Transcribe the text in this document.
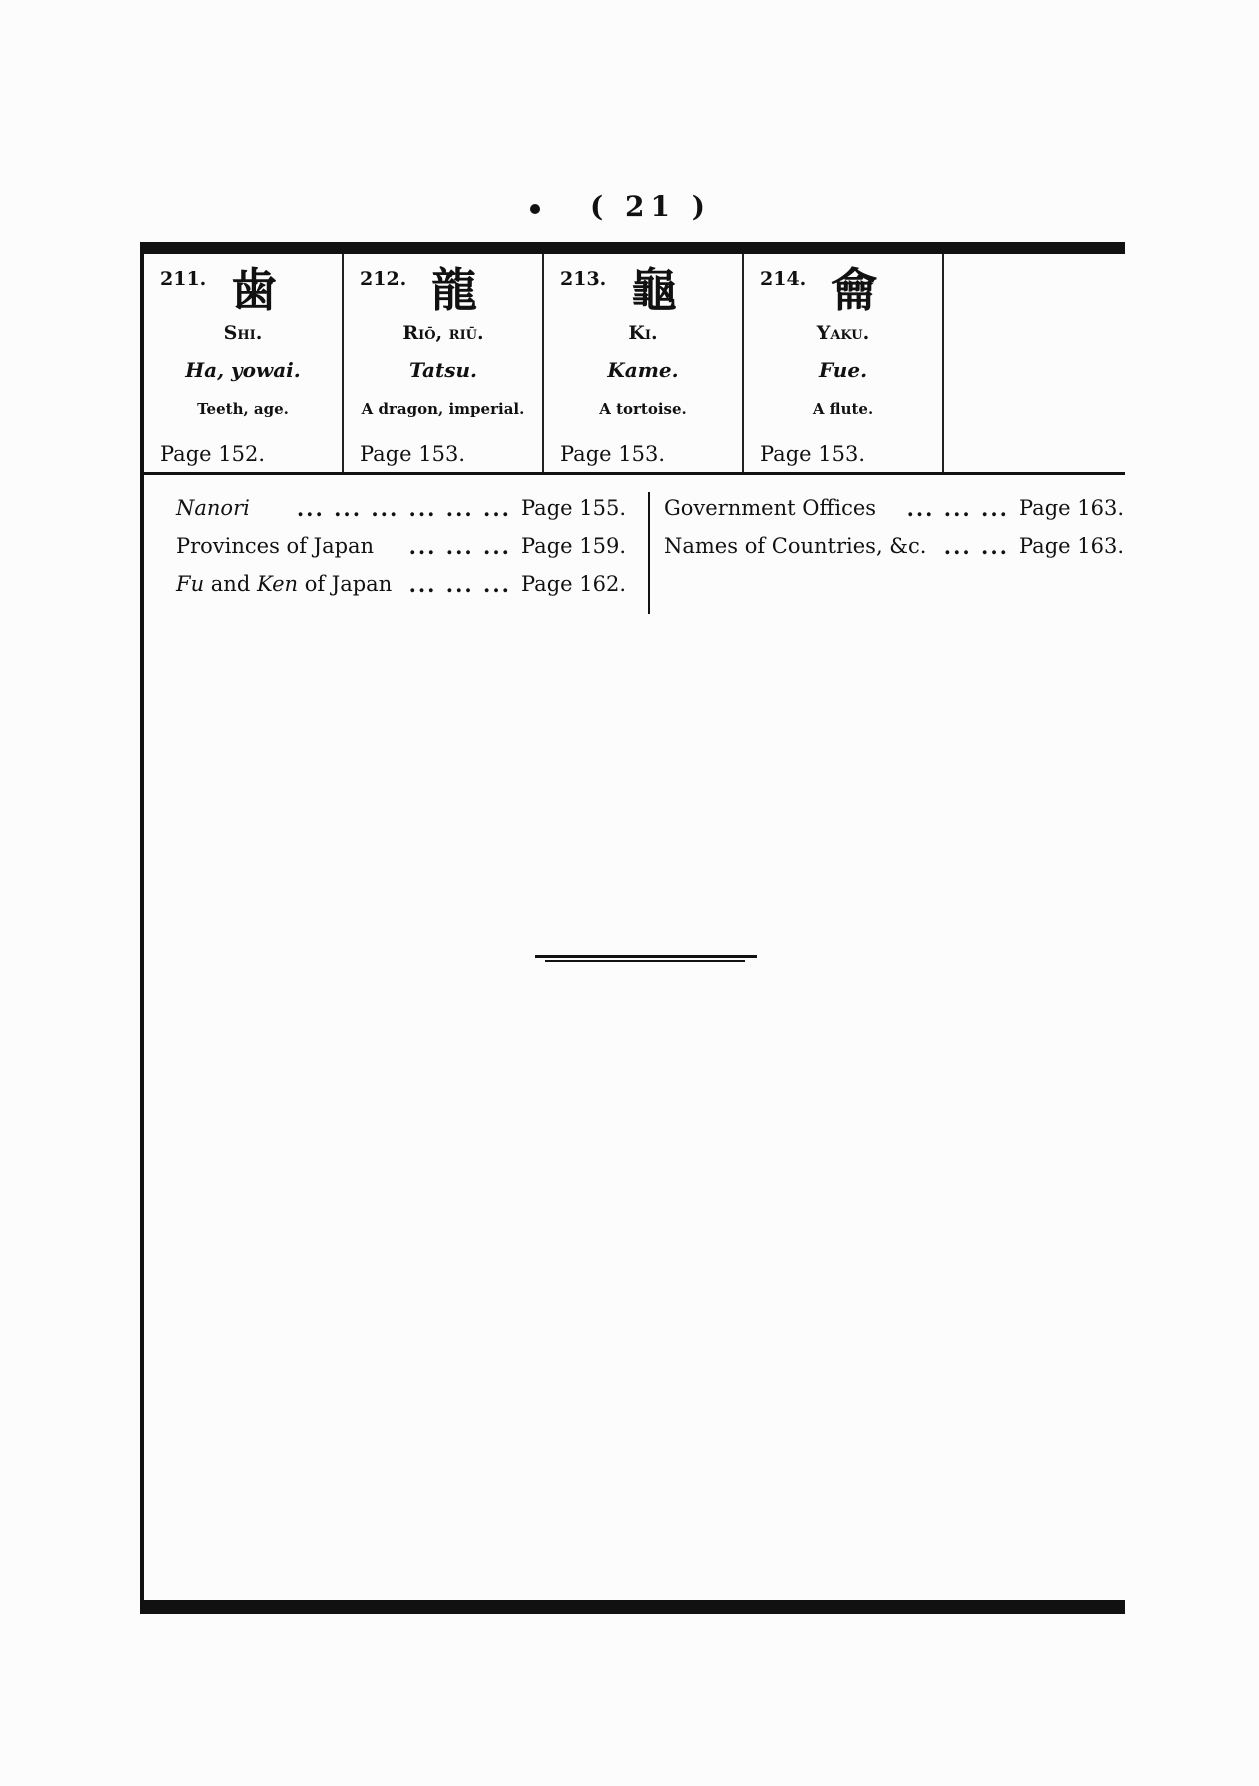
( 21 )
211. 歯
Shi.
Ha, yowai.
Teeth, age.
Page 152.
212. 龍
Riō, riū.
Tatsu.
A dragon, imperial.
Page 153.
213. 龜
Ki.
Kame.
A tortoise.
Page 153.
214. 龠
Yaku.
Fue.
A flute.
Page 153.
Nanori	... ... ... ... ... ... Page 155.
Provinces of Japan	... ... ... Page 159.
Fu and Ken of Japan ... ... ... Page 162.
Government Offices	... ... ... Page 163.
Names of Countries, &c. ... ... Page 163.
